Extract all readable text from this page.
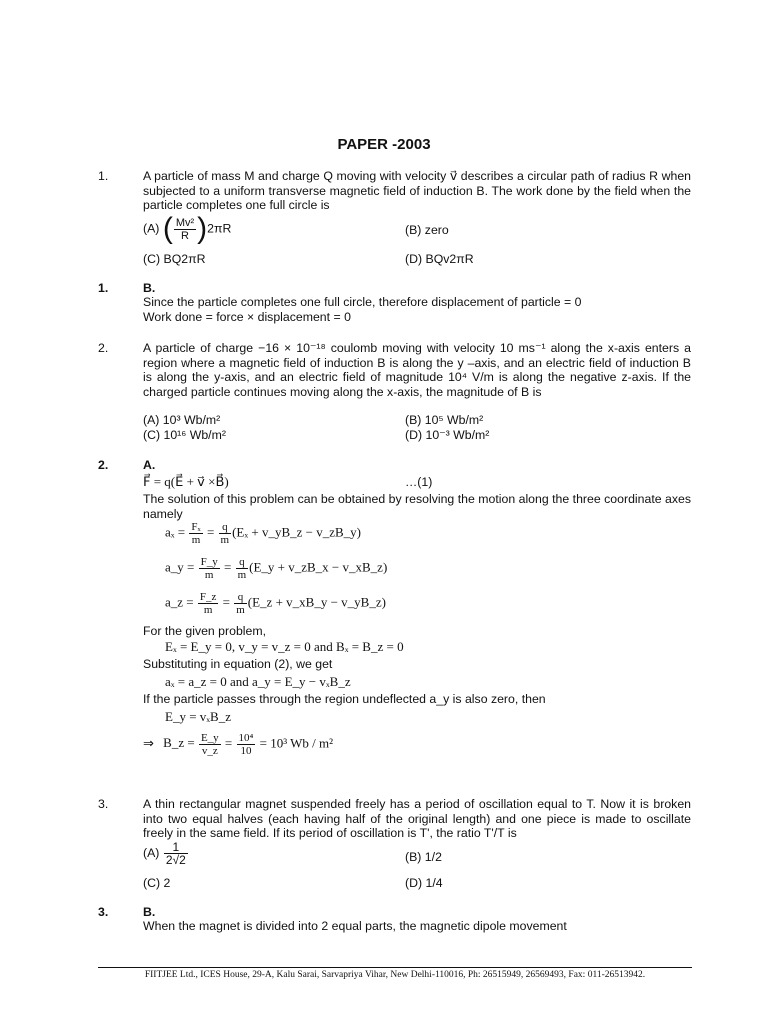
PAPER -2003
1.	A particle of mass M and charge Q moving with velocity v⃗ describes a circular path of radius R when subjected to a uniform transverse magnetic field of induction B. The work done by the field when the particle completes one full circle is
(A) ( $\frac{\text{Mv²}}{R} )2\pi R$	(B) zero
(C) BQ2πR	(D) BQv2πR
1.	B.
Since the particle completes one full circle, therefore displacement of particle = 0
Work done = force × displacement = 0
2.	A particle of charge −16 × 10⁻¹⁸ coulomb moving with velocity 10 ms⁻¹ along the x-axis enters a region where a magnetic field of induction B is along the y –axis, and an electric field of induction B is along the y-axis, and an electric field of magnitude 10⁴ V/m is along the negative z-axis. If the charged particle continues moving along the x-axis, the magnitude of B is
(A) 10³ Wb/m²	(B) 10⁵ Wb/m²
(C) 10¹⁶ Wb/m²	(D) 10⁻³ Wb/m²
2.	A.
F⃗ = q(E⃗ + v⃗ ×B⃗)	…(1)
The solution of this problem can be obtained by resolving the motion along the three coordinate axes namely
$a_x = \frac{\text{Fₓ}}{m} = \frac{q}{m} (E_x$ + v_yB_z − v_zB_y)
a_y = $\frac{F\_y}{m} = \frac{q}{m}$ (E_y + v_zB_x − v_xB_z)
a_z = $\frac{F\_z}{m} = \frac{q}{m}$ (E_z + v_xB_y − v_yB_z)
For the given problem,
Eₓ = E_y = 0, v_y = v_z = 0 and Bₓ = B_z = 0
Substituting in equation (2), we get
aₓ = a_z = 0 and a_y = E_y − vₓB_z
If the particle passes through the region undeflected a_y is also zero, then
E_y = vₓB_z
⇒ B_z = $\frac{E\_y}{v\_z} = \frac{\text{10⁴}}{10} = 10^3$ Wb / m²
3.	A thin rectangular magnet suspended freely has a period of oscillation equal to T. Now it is broken into two equal halves (each having half of the original length) and one piece is made to oscillate freely in the same field. If its period of oscillation is T', the ratio T'/T is
$(A) \frac{1}{2√2}$	(B) 1/2
(C) 2	(D) 1/4
3.	B.
When the magnet is divided into 2 equal parts, the magnetic dipole movement
FIITJEE Ltd., ICES House, 29-A, Kalu Sarai, Sarvapriya Vihar, New Delhi-110016, Ph: 26515949, 26569493, Fax: 011-26513942.
